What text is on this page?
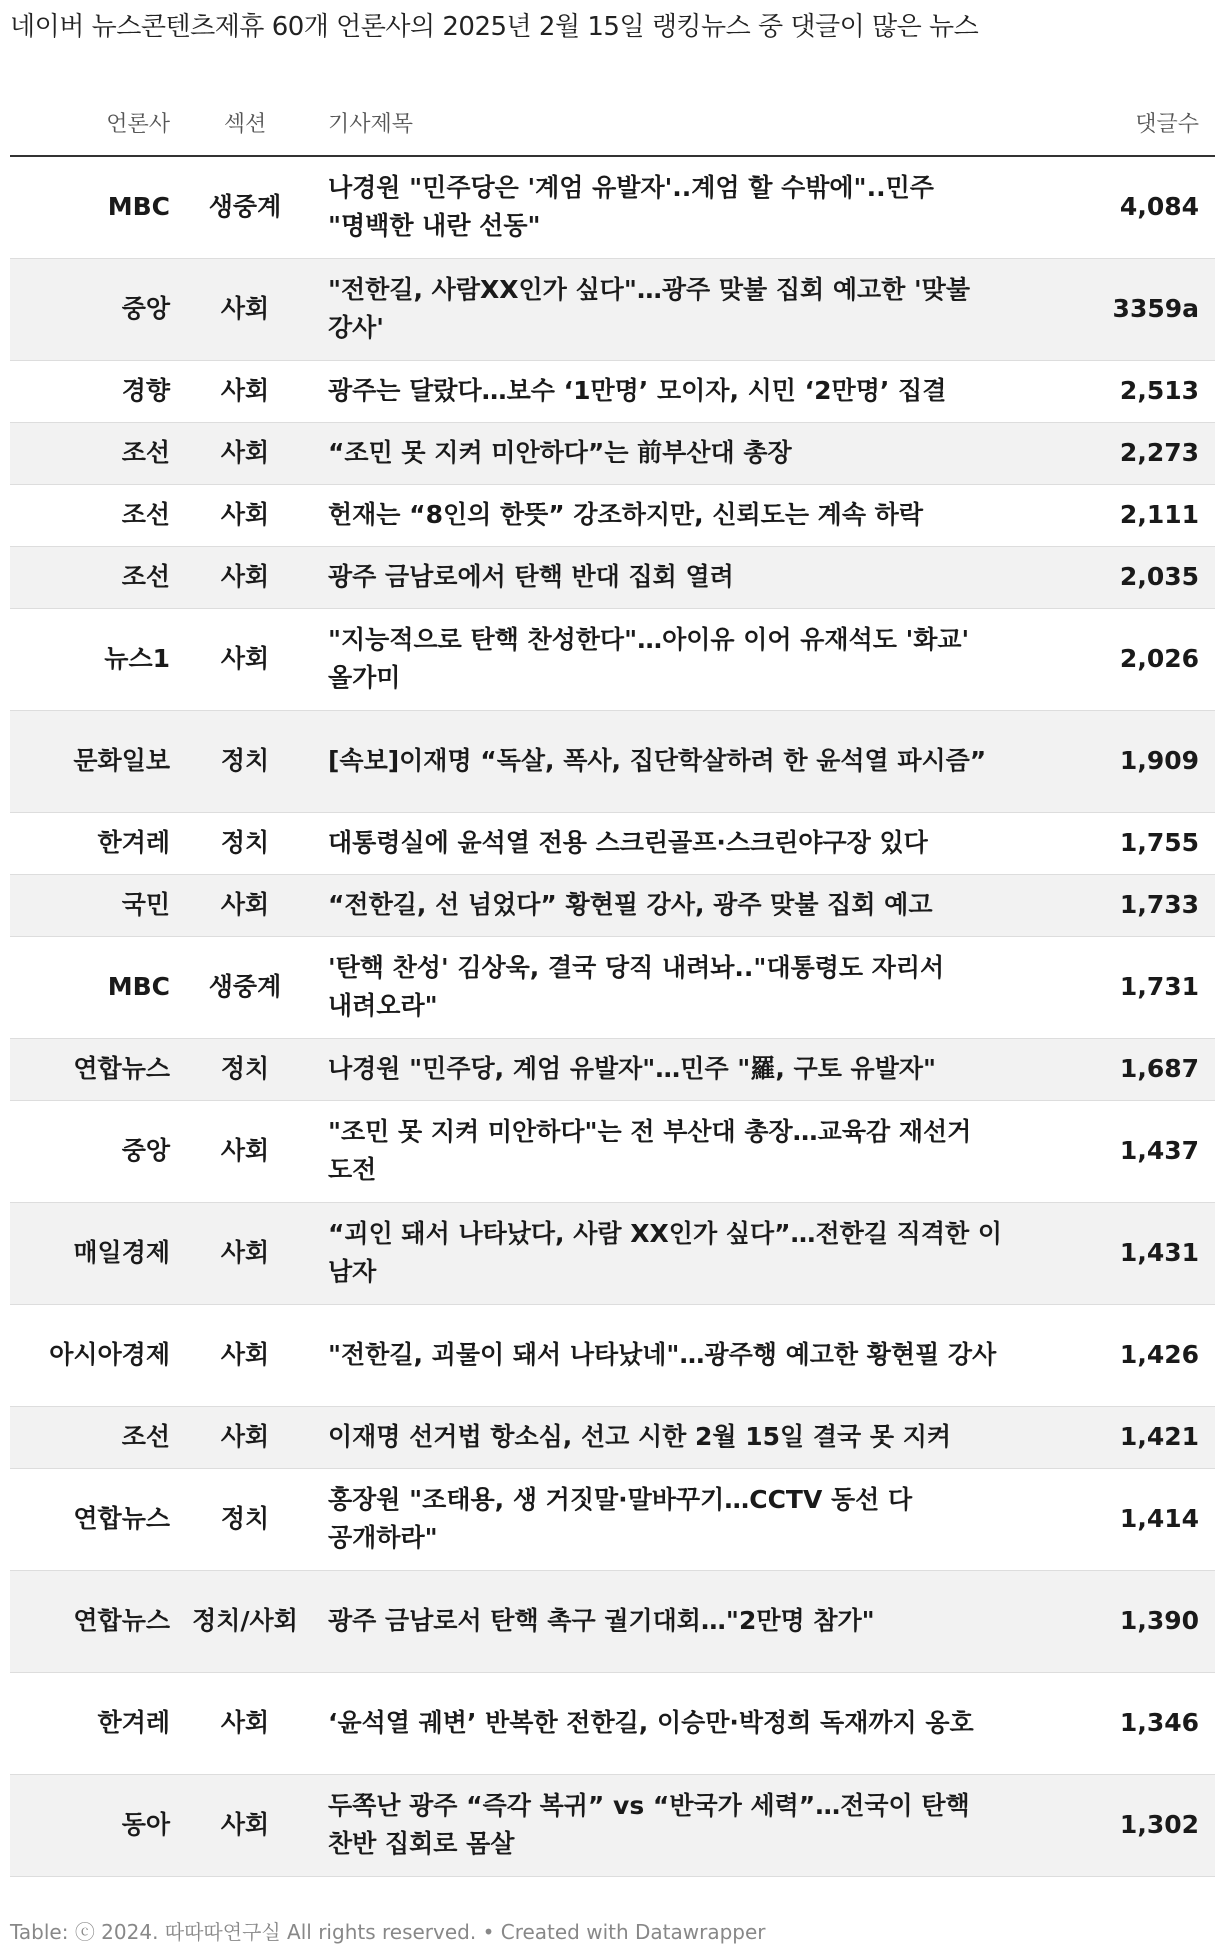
네이버 뉴스콘텐츠제휴 60개 언론사의 2025년 2월 15일 랭킹뉴스 중 댓글이 많은 뉴스
언론사	섹션	기사제목	댓글수
MBC	생중계	나경원 "민주당은 '계엄 유발자'..계엄 할 수밖에"..민주 "명백한 내란 선동"	4,084
중앙	사회	"전한길, 사람XX인가 싶다"…광주 맞불 집회 예고한 '맞불 강사'	3359a
경향	사회	광주는 달랐다…보수 ‘1만명’ 모이자, 시민 ‘2만명’ 집결	2,513
조선	사회	“조민 못 지켜 미안하다”는 前부산대 총장	2,273
조선	사회	헌재는 “8인의 한뜻” 강조하지만, 신뢰도는 계속 하락	2,111
조선	사회	광주 금남로에서 탄핵 반대 집회 열려	2,035
뉴스1	사회	"지능적으로 탄핵 찬성한다"…아이유 이어 유재석도 '화교' 올가미	2,026
문화일보	정치	[속보]이재명 “독살, 폭사, 집단학살하려 한 윤석열 파시즘”	1,909
한겨레	정치	대통령실에 윤석열 전용 스크린골프·스크린야구장 있다	1,755
국민	사회	“전한길, 선 넘었다” 황현필 강사, 광주 맞불 집회 예고	1,733
MBC	생중계	'탄핵 찬성' 김상욱, 결국 당직 내려놔.."대통령도 자리서 내려오라"	1,731
연합뉴스	정치	나경원 "민주당, 계엄 유발자"…민주 "羅, 구토 유발자"	1,687
중앙	사회	"조민 못 지켜 미안하다"는 전 부산대 총장…교육감 재선거 도전	1,437
매일경제	사회	“괴인 돼서 나타났다, 사람 XX인가 싶다”…전한길 직격한 이 남자	1,431
아시아경제	사회	"전한길, 괴물이 돼서 나타났네"…광주행 예고한 황현필 강사	1,426
조선	사회	이재명 선거법 항소심, 선고 시한 2월 15일 결국 못 지켜	1,421
연합뉴스	정치	홍장원 "조태용, 생 거짓말·말바꾸기…CCTV 동선 다 공개하라"	1,414
연합뉴스	정치/사회	광주 금남로서 탄핵 촉구 궐기대회…"2만명 참가"	1,390
한겨레	사회	‘윤석열 궤변’ 반복한 전한길, 이승만·박정희 독재까지 옹호	1,346
동아	사회	두쪽난 광주 “즉각 복귀” vs “반국가 세력”…전국이 탄핵 찬반 집회로 몸살	1,302
Table: ⓒ 2024. 따따따연구실 All rights reserved. • Created with Datawrapper
